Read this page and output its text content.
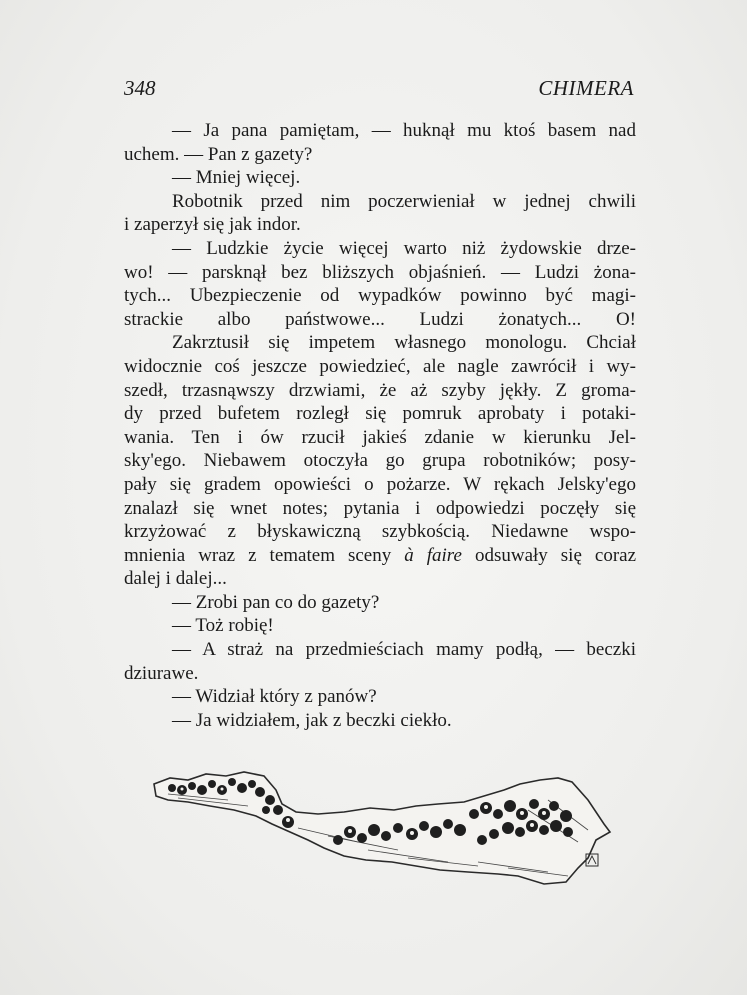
348	CHIMERA
— Ja pana pamiętam, — huknął mu ktoś basem nad
uchem. — Pan z gazety?
— Mniej więcej.
Robotnik przed nim poczerwieniał w jednej chwili
i zaperzył się jak indor.
— Ludzkie życie więcej warto niż żydowskie drze-
wo! — parsknął bez bliższych objaśnień. — Ludzi żona-
tych... Ubezpieczenie od wypadków powinno być magi-
strackie albo państwowe... Ludzi żonatych... O!
Zakrztusił się impetem własnego monologu. Chciał
widocznie coś jeszcze powiedzieć, ale nagle zawrócił i wy-
szedł, trzasnąwszy drzwiami, że aż szyby jękły. Z groma-
dy przed bufetem rozległ się pomruk aprobaty i potaki-
wania. Ten i ów rzucił jakieś zdanie w kierunku Jel-
sky'ego. Niebawem otoczyła go grupa robotników; posy-
pały się gradem opowieści o pożarze. W rękach Jelsky'ego
znalazł się wnet notes; pytania i odpowiedzi poczęły się
krzyżować z błyskawiczną szybkością. Niedawne wspo-
mnienia wraz z tematem sceny à faire odsuwały się coraz
dalej i dalej...
— Zrobi pan co do gazety?
— Toż robię!
— A straż na przedmieściach mamy podłą, — beczki
dziurawe.
— Widział który z panów?
— Ja widziałem, jak z beczki ciekło.
